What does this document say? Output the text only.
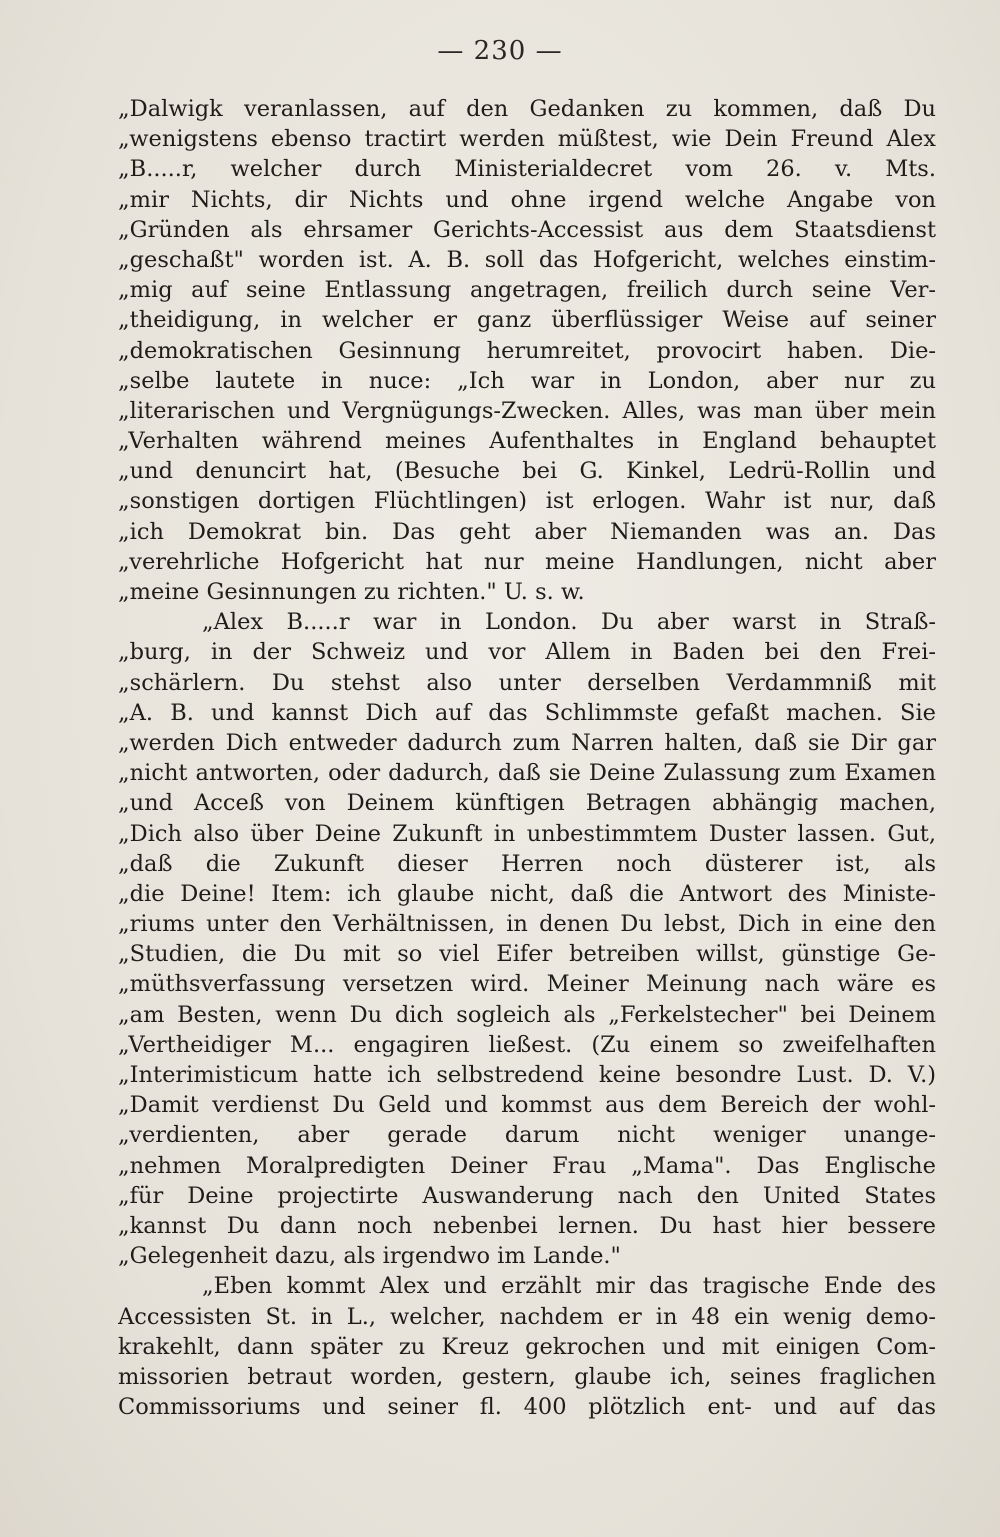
— 230 —
„Dalwigk veranlassen, auf den Gedanken zu kommen, daß Du
„wenigstens ebenso tractirt werden müßtest, wie Dein Freund Alex
„B.....r, welcher durch Ministerialdecret vom 26. v. Mts.
„mir Nichts, dir Nichts und ohne irgend welche Angabe von
„Gründen als ehrsamer Gerichts-Accessist aus dem Staatsdienst
„geschaßt" worden ist. A. B. soll das Hofgericht, welches einstim-
„mig auf seine Entlassung angetragen, freilich durch seine Ver-
„theidigung, in welcher er ganz überflüssiger Weise auf seiner
„demokratischen Gesinnung herumreitet, provocirt haben. Die-
„selbe lautete in nuce: „Ich war in London, aber nur zu
„literarischen und Vergnügungs-Zwecken. Alles, was man über mein
„Verhalten während meines Aufenthaltes in England behauptet
„und denuncirt hat, (Besuche bei G. Kinkel, Ledrü-Rollin und
„sonstigen dortigen Flüchtlingen) ist erlogen. Wahr ist nur, daß
„ich Demokrat bin. Das geht aber Niemanden was an. Das
„verehrliche Hofgericht hat nur meine Handlungen, nicht aber
„meine Gesinnungen zu richten." U. s. w.
„Alex B.....r war in London. Du aber warst in Straß-
„burg, in der Schweiz und vor Allem in Baden bei den Frei-
„schärlern. Du stehst also unter derselben Verdammniß mit
„A. B. und kannst Dich auf das Schlimmste gefaßt machen. Sie
„werden Dich entweder dadurch zum Narren halten, daß sie Dir gar
„nicht antworten, oder dadurch, daß sie Deine Zulassung zum Examen
„und Acceß von Deinem künftigen Betragen abhängig machen,
„Dich also über Deine Zukunft in unbestimmtem Duster lassen. Gut,
„daß die Zukunft dieser Herren noch düsterer ist, als
„die Deine! Item: ich glaube nicht, daß die Antwort des Ministe-
„riums unter den Verhältnissen, in denen Du lebst, Dich in eine den
„Studien, die Du mit so viel Eifer betreiben willst, günstige Ge-
„müthsverfassung versetzen wird. Meiner Meinung nach wäre es
„am Besten, wenn Du dich sogleich als „Ferkelstecher" bei Deinem
„Vertheidiger M... engagiren ließest. (Zu einem so zweifelhaften
„Interimisticum hatte ich selbstredend keine besondre Lust. D. V.)
„Damit verdienst Du Geld und kommst aus dem Bereich der wohl-
„verdienten, aber gerade darum nicht weniger unange-
„nehmen Moralpredigten Deiner Frau „Mama". Das Englische
„für Deine projectirte Auswanderung nach den United States
„kannst Du dann noch nebenbei lernen. Du hast hier bessere
„Gelegenheit dazu, als irgendwo im Lande."
„Eben kommt Alex und erzählt mir das tragische Ende des
Accessisten St. in L., welcher, nachdem er in 48 ein wenig demo-
krakehlt, dann später zu Kreuz gekrochen und mit einigen Com-
missorien betraut worden, gestern, glaube ich, seines fraglichen
Commissoriums und seiner fl. 400 plötzlich ent- und auf das
